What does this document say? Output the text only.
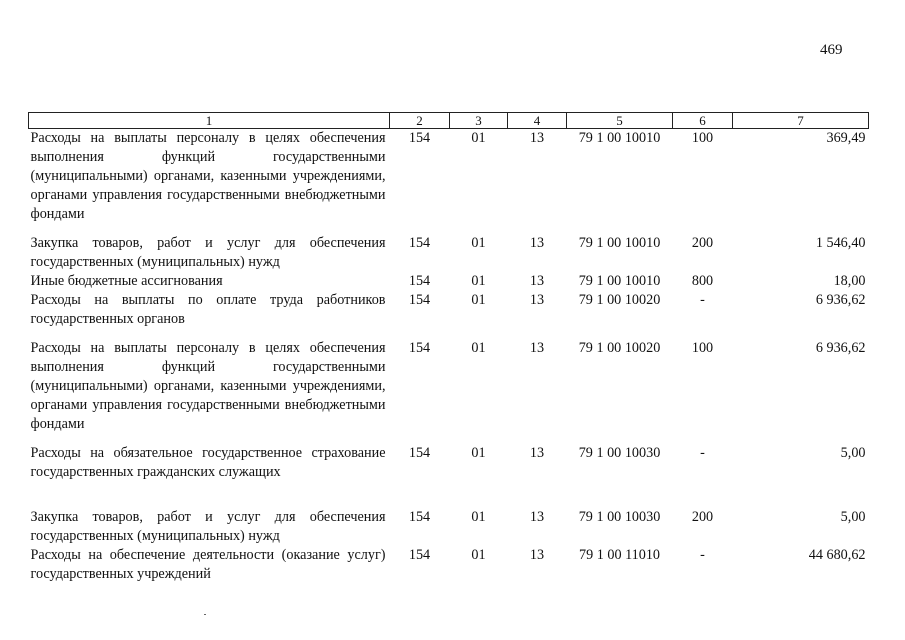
469
1	2	3	4	5	6	7
Расходы на выплаты персоналу в целях обеспечения выполнения функций государственными (муниципальными) органами, казенными учреждениями, органами управления государственными внебюджетными фондами	154	01	13	79 1 00 10010	100	369,49
Закупка товаров, работ и услуг для обеспечения государственных (муниципальных) нужд	154	01	13	79 1 00 10010	200	1 546,40
Иные бюджетные ассигнования	154	01	13	79 1 00 10010	800	18,00
Расходы на выплаты по оплате труда работников государственных органов	154	01	13	79 1 00 10020	-	6 936,62
Расходы на выплаты персоналу в целях обеспечения выполнения функций государственными (муниципальными) органами, казенными учреждениями, органами управления государственными внебюджетными фондами	154	01	13	79 1 00 10020	100	6 936,62
Расходы на обязательное государственное страхование государственных гражданских служащих	154	01	13	79 1 00 10030	-	5,00
Закупка товаров, работ и услуг для обеспечения государственных (муниципальных) нужд	154	01	13	79 1 00 10030	200	5,00
Расходы на обеспечение деятельности (оказание услуг) государственных учреждений	154	01	13	79 1 00 11010	-	44 680,62
